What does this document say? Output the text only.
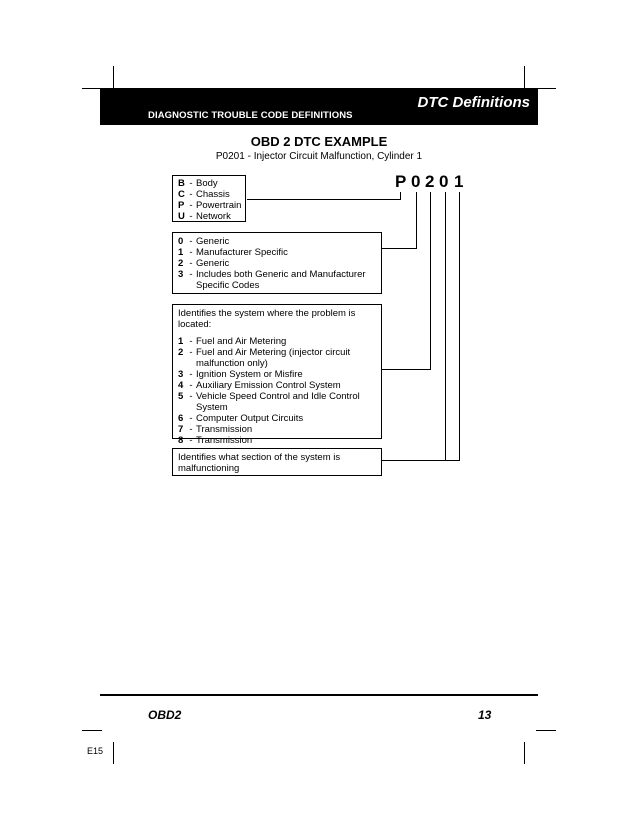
DTC Definitions
DIAGNOSTIC TROUBLE CODE DEFINITIONS
OBD 2 DTC EXAMPLE
P0201 - Injector Circuit Malfunction, Cylinder 1
P 0 2 0 1
B - Body
C - Chassis
P - Powertrain
U - Network
0 - Generic
1 - Manufacturer Specific
2 - Generic
3 - Includes both Generic and Manufacturer Specific Codes
Identifies the system where the problem is located:
1 - Fuel and Air Metering
2 - Fuel and Air Metering (injector circuit malfunction only)
3 - Ignition System or Misfire
4 - Auxiliary Emission Control System
5 - Vehicle Speed Control and Idle Control System
6 - Computer Output Circuits
7 - Transmission
8 - Transmission
Identifies what section of the system is malfunctioning
OBD2	13
E15
